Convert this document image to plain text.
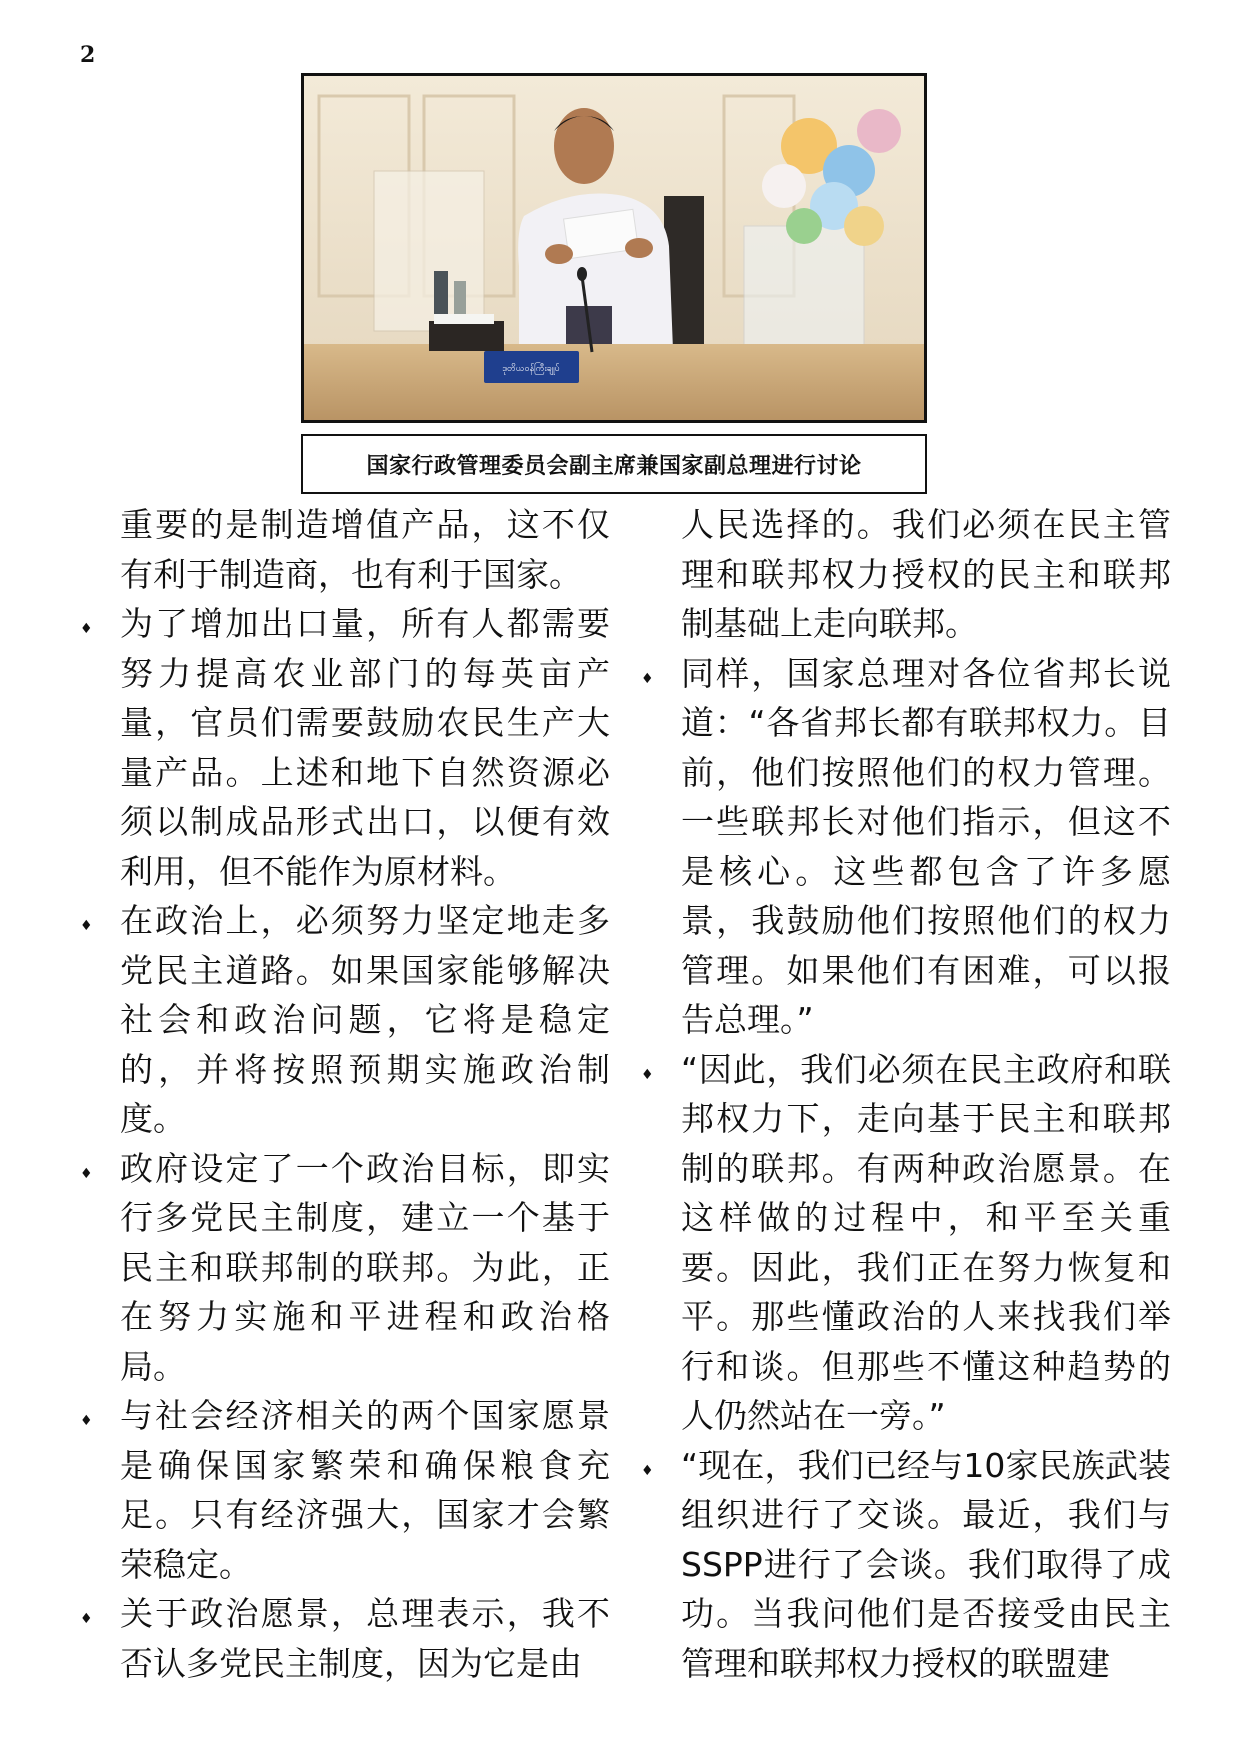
2
ဒုတိယဝန်ကြီးချုပ်
国家行政管理委员会副主席兼国家副总理进行讨论

重要的是制造增值产品，这不仅有利于制造商，也有利于国家。

♦ 为了增加出口量，所有人都需要努力提高农业部门的每英亩产量，官员们需要鼓励农民生产大量产品。上述和地下自然资源必须以制成品形式出口，以便有效利用，但不能作为原材料。

♦ 在政治上，必须努力坚定地走多党民主道路。如果国家能够解决社会和政治问题，它将是稳定的，并将按照预期实施政治制度。

♦ 政府设定了一个政治目标，即实行多党民主制度，建立一个基于民主和联邦制的联邦。为此，正在努力实施和平进程和政治格局。

♦ 与社会经济相关的两个国家愿景是确保国家繁荣和确保粮食充足。只有经济强大，国家才会繁荣稳定。

♦ 关于政治愿景，总理表示，我不否认多党民主制度，因为它是由

人民选择的。我们必须在民主管理和联邦权力授权的民主和联邦制基础上走向联邦。

♦ 同样，国家总理对各位省邦长说道：“各省邦长都有联邦权力。目前，他们按照他们的权力管理。一些联邦长对他们指示，但这不是核心。这些都包含了许多愿景，我鼓励他们按照他们的权力管理。如果他们有困难，可以报告总理。”

♦ “因此，我们必须在民主政府和联邦权力下，走向基于民主和联邦制的联邦。有两种政治愿景。在这样做的过程中，和平至关重要。因此，我们正在努力恢复和平。那些懂政治的人来找我们举行和谈。但那些不懂这种趋势的人仍然站在一旁。”

♦ “现在，我们已经与10家民族武装组织进行了交谈。最近，我们与SSPP进行了会谈。我们取得了成功。当我问他们是否接受由民主管理和联邦权力授权的联盟建
